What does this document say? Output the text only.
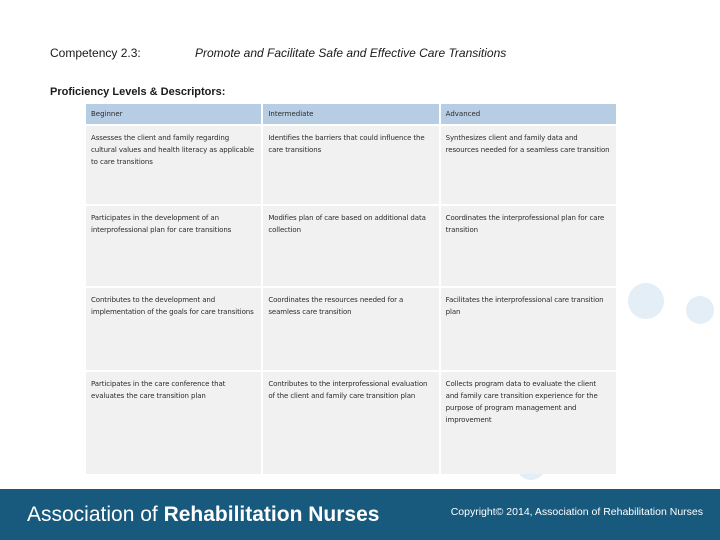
Competency 2.3:	Promote and Facilitate Safe and Effective Care Transitions
Proficiency Levels & Descriptors:
Beginner	Intermediate	Advanced
Assesses the client and family regarding cultural values and health literacy as applicable to care transitions	Identifies the barriers that could influence the care transitions	Synthesizes client and family data and resources needed for a seamless care transition
Participates in the development of an interprofessional plan for care transitions	Modifies plan of care based on additional data collection	Coordinates the interprofessional plan for care transition
Contributes to the development and implementation of the goals for care transitions	Coordinates the resources needed for a seamless care transition	Facilitates the interprofessional care transition plan
Participates in the care conference that evaluates the care transition plan	Contributes to the interprofessional evaluation of the client and family care transition plan	Collects program data to evaluate the client and family care transition experience for the purpose of program management and improvement
Association of Rehabilitation Nurses	Copyright© 2014, Association of Rehabilitation Nurses
